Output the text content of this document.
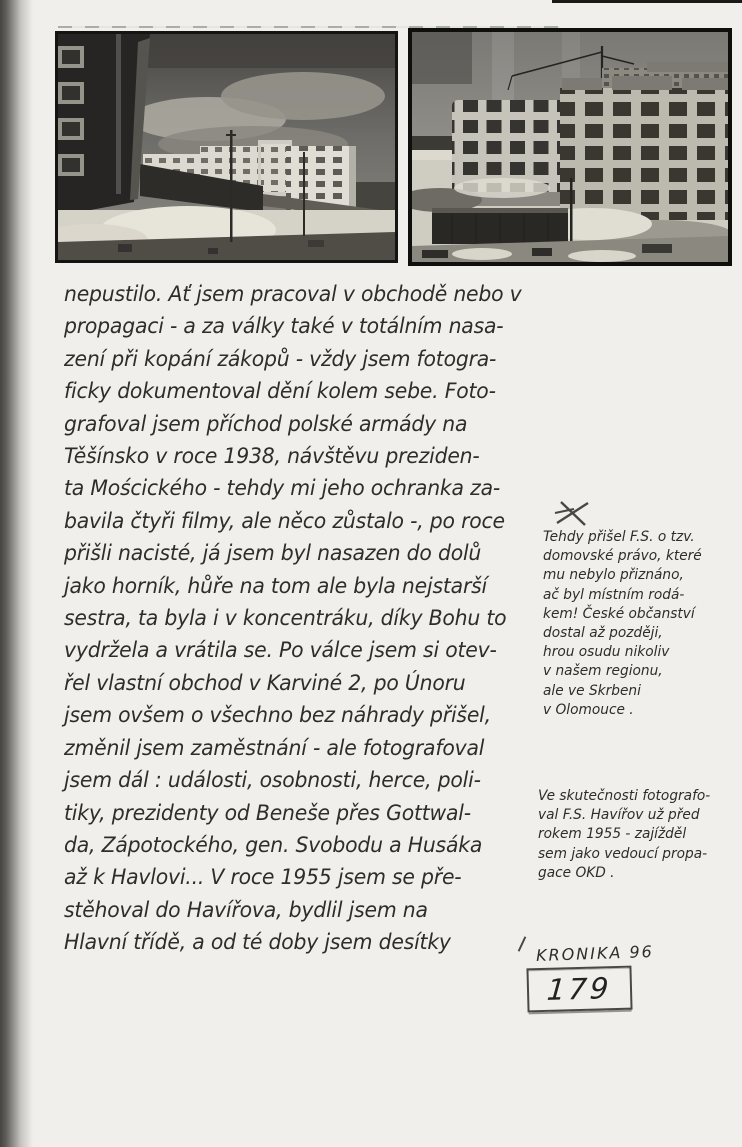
nepustilo. Ať jsem pracoval v obchodě nebo v
propagaci - a za války také v totálním nasa-
zení při kopání zákopů - vždy jsem fotogra-
ficky dokumentoval dění kolem sebe. Foto-
grafoval jsem příchod polské armády na
Těšínsko v roce 1938, návštěvu preziden-
ta Moścického - tehdy mi jeho ochranka za-
bavila čtyři filmy, ale něco zůstalo -, po roce
přišli nacisté, já jsem byl nasazen do dolů
jako horník, hůře na tom ale byla nejstarší
sestra, ta byla i v koncentráku, díky Bohu to
vydržela a vrátila se. Po válce jsem si otev-
řel vlastní obchod v Karviné 2, po Únoru
jsem ovšem o všechno bez náhrady přišel,
změnil jsem zaměstnání - ale fotografoval
jsem dál : události, osobnosti, herce, poli-
tiky, prezidenty od Beneše přes Gottwal-
da, Zápotockého, gen. Svobodu a Husáka
až k Havlovi... V roce 1955 jsem se pře-
stěhoval do Havířova, bydlil jsem na
Hlavní třídě, a od té doby jsem desítky
Tehdy přišel F.S. o tzv.
domovské právo, které
mu nebylo přiznáno,
ač byl místním rodá-
kem! České občanství
dostal až později,
hrou osudu nikoliv
v našem regionu,
ale ve Skrbeni
v Olomouce .
Ve skutečnosti fotografo-
val F.S. Havířov už před
rokem 1955 - zajížděl
sem jako vedoucí propa-
gace OKD .
KRONIKA 96
179
